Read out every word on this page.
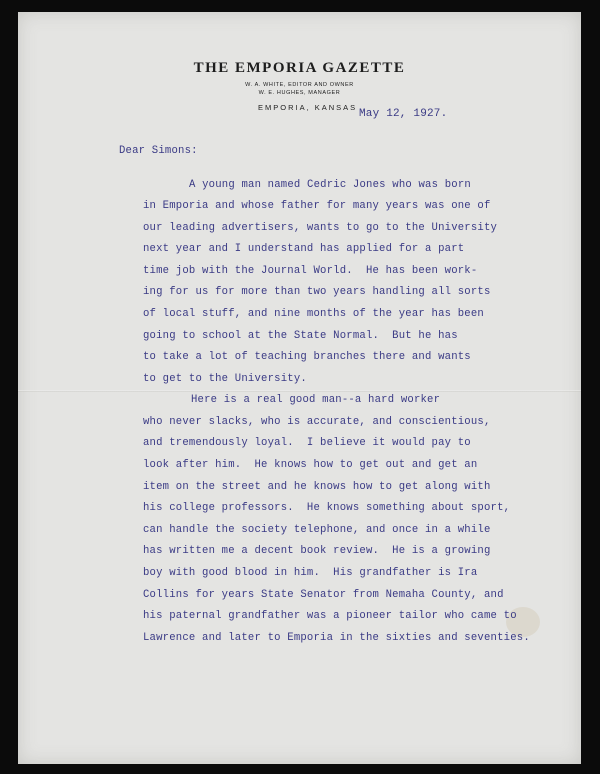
THE EMPORIA GAZETTE
W. A. WHITE, EDITOR AND OWNER
W. E. HUGHES, MANAGER
EMPORIA, KANSAS
May 12, 1927.
Dear Simons:
A young man named Cedric Jones who was born
in Emporia and whose father for many years was one of
our leading advertisers, wants to go to the University
next year and I understand has applied for a part
time job with the Journal World.  He has been work-
ing for us for more than two years handling all sorts
of local stuff, and nine months of the year has been
going to school at the State Normal.  But he has
to take a lot of teaching branches there and wants
to get to the University.
Here is a real good man--a hard worker
who never slacks, who is accurate, and conscientious,
and tremendously loyal.  I believe it would pay to
look after him.  He knows how to get out and get an
item on the street and he knows how to get along with
his college professors.  He knows something about sport,
can handle the society telephone, and once in a while
has written me a decent book review.  He is a growing
boy with good blood in him.  His grandfather is Ira
Collins for years State Senator from Nemaha County, and
his paternal grandfather was a pioneer tailor who came to
Lawrence and later to Emporia in the sixties and seventies.
